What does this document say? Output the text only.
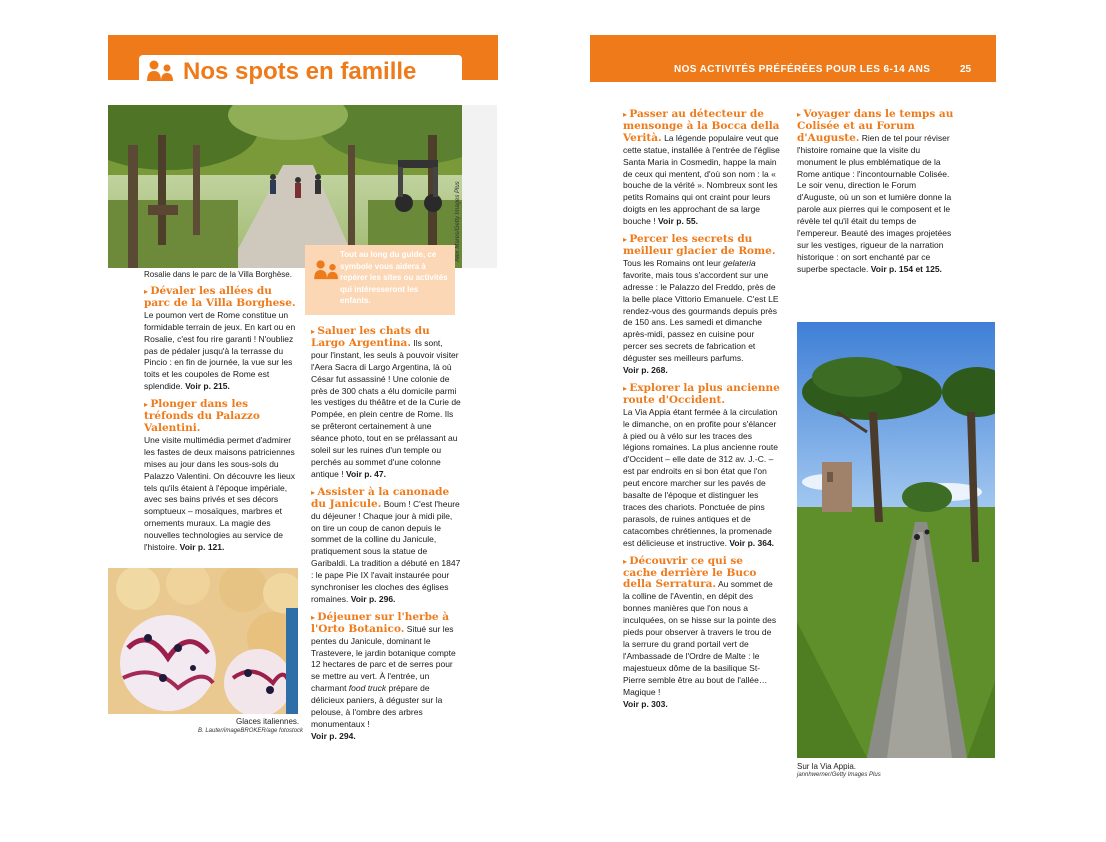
Nos spots en famille	NOS ACTIVITÉS PRÉFÉRÉES POUR LES 6-14 ANS	25
Alex Mares/Getty Images Plus
Rosalie dans le parc de la Villa Borghèse.
Tout au long du guide, ce symbole vous aidera à repérer les sites ou activités qui intéresseront les enfants.

▸ Dévaler les allées du parc de la Villa Borghese. Le poumon vert de Rome constitue un formidable terrain de jeux. En kart ou en Rosalie, c'est fou rire garanti ! N'oubliez pas de pédaler jusqu'à la terrasse du Pincio : en fin de journée, la vue sur les toits et les coupoles de Rome est splendide. Voir p. 215.

▸ Plonger dans les tréfonds du Palazzo Valentini.
Une visite multimédia permet d'admirer les fastes de deux maisons patriciennes mises au jour dans les sous-sols du Palazzo Valentini. On découvre les lieux tels qu'ils étaient à l'époque impériale, avec ses bains privés et ses décors somptueux – mosaïques, marbres et ornements muraux. La magie des nouvelles technologies au service de l'histoire. Voir p. 121.

Glaces italiennes.
B. Lauter/imageBROKER/age fotostock

▸ Saluer les chats du Largo Argentina. Ils sont, pour l'instant, les seuls à pouvoir visiter l'Aera Sacra di Largo Argentina, là où César fut assassiné ! Une colonie de près de 300 chats a élu domicile parmi les vestiges du théâtre et de la Curie de Pompée, en plein centre de Rome. Ils se prêteront certainement à une séance photo, tout en se prélassant au soleil sur les ruines d'un temple ou perchés au sommet d'une colonne antique ! Voir p. 47.

▸ Assister à la canonade du Janicule. Boum ! C'est l'heure du déjeuner ! Chaque jour à midi pile, on tire un coup de canon depuis le sommet de la colline du Janicule, pratiquement sous la statue de Garibaldi. La tradition a débuté en 1847 : le pape Pie IX l'avait instaurée pour synchroniser les cloches des églises romaines. Voir p. 296.

▸ Déjeuner sur l'herbe à l'Orto Botanico. Situé sur les pentes du Janicule, dominant le Trastevere, le jardin botanique compte 12 hectares de parc et de serres pour se mettre au vert. À l'entrée, un charmant food truck prépare de délicieux paniers, à déguster sur la pelouse, à l'ombre des arbres monumentaux !
Voir p. 294.

▸ Passer au détecteur de mensonge à la Bocca della Verità. La légende populaire veut que cette statue, installée à l'entrée de l'église Santa Maria in Cosmedin, happe la main de ceux qui mentent, d'où son nom : la « bouche de la vérité ». Nombreux sont les petits Romains qui ont craint pour leurs doigts en les approchant de sa large bouche ! Voir p. 55.

▸ Percer les secrets du meilleur glacier de Rome.
Tous les Romains ont leur gelateria favorite, mais tous s'accordent sur une adresse : le Palazzo del Freddo, près de la belle place Vittorio Emanuele. C'est LE rendez-vous des gourmands depuis près de 150 ans. Les samedi et dimanche après-midi, passez en cuisine pour percer ses secrets de fabrication et déguster ses meilleurs parfums.
Voir p. 268.

▸ Explorer la plus ancienne route d'Occident.
La Via Appia étant fermée à la circulation le dimanche, on en profite pour s'élancer à pied ou à vélo sur les traces des légions romaines. La plus ancienne route d'Occident – elle date de 312 av. J.-C. – est par endroits en si bon état que l'on peut encore marcher sur les pavés de basalte de l'époque et distinguer les traces des chariots. Ponctuée de pins parasols, de ruines antiques et de catacombes chrétiennes, la promenade est délicieuse et instructive. Voir p. 364.

▸ Découvrir ce qui se cache derrière le Buco della Serratura. Au sommet de la colline de l'Aventin, en dépit des bonnes manières que l'on nous a inculquées, on se hisse sur la pointe des pieds pour observer à travers le trou de la serrure du grand portail vert de l'Ambassade de l'Ordre de Malte : le majestueux dôme de la basilique St-Pierre semble être au bout de l'allée… Magique !
Voir p. 303.

▸ Voyager dans le temps au Colisée et au Forum d'Auguste. Rien de tel pour réviser l'histoire romaine que la visite du monument le plus emblématique de la Rome antique : l'incontournable Colisée. Le soir venu, direction le Forum d'Auguste, où un son et lumière donne la parole aux pierres qui le composent et le révèle tel qu'il était du temps de l'empereur. Beauté des images projetées sur les vestiges, rigueur de la narration historique : on sort enchanté par ce superbe spectacle. Voir p. 154 et 125.

Sur la Via Appia.
jannhwerner/Getty Images Plus
